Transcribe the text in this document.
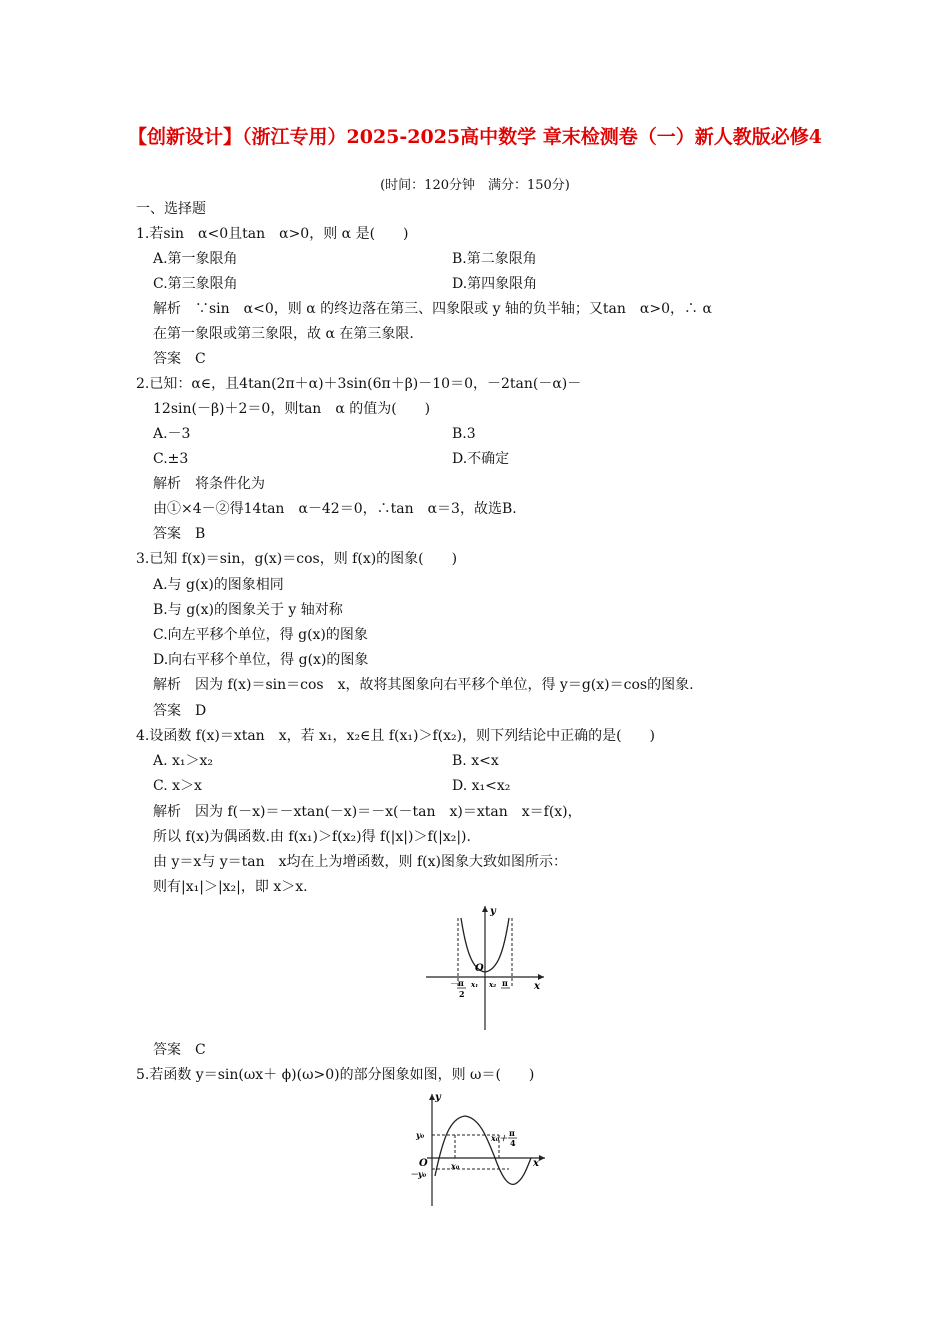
【创新设计】（浙江专用）2025-2025高中数学 章末检测卷（一）新人教版必修4
(时间：120分钟　满分：150分)
一、选择题
1.若sin　α<0且tan　α>0，则 α 是(　　)
A.第一象限角	B.第二象限角
C.第三象限角	D.第四象限角
解析　∵sin　α<0，则 α 的终边落在第三、四象限或 y 轴的负半轴；又tan　α>0，∴ α
在第一象限或第三象限，故 α 在第三象限.
答案　C
2.已知：α∈，且4tan(2π＋α)＋3sin(6π＋β)－10＝0，－2tan(－α)－
12sin(－β)＋2＝0，则tan　α 的值为(　　)
A.－3	B.3
C.±3	D.不确定
解析　将条件化为
由①×4－②得14tan　α－42＝0，∴tan　α＝3，故选B.
答案　B
3.已知 f(x)＝sin，g(x)＝cos，则 f(x)的图象(　　)
A.与 g(x)的图象相同
B.与 g(x)的图象关于 y 轴对称
C.向左平移个单位，得 g(x)的图象
D.向右平移个单位，得 g(x)的图象
解析　因为 f(x)＝sin＝cos　x，故将其图象向右平移个单位，得 y＝g(x)＝cos的图象.
答案　D
4.设函数 f(x)＝xtan　x，若 x₁，x₂∈且 f(x₁)＞f(x₂)，则下列结论中正确的是(　　)
A. x₁＞x₂	B. x<x
C. x＞x	D. x₁<x₂
解析　因为 f(－x)＝－xtan(－x)＝－x(－tan　x)＝xtan　x＝f(x)，
所以 f(x)为偶函数.由 f(x₁)＞f(x₂)得 f(|x|)＞f(|x₂|).
由 y＝x与 y＝tan　x均在上为增函数，则 f(x)图象大致如图所示：
则有|x₁|＞|x₂|，即 x＞x.
y
x
O
－ π
2
x₁ x₂ π
答案　C
5.若函数 y＝sin(ωx＋ ϕ)(ω>0)的部分图象如图，则 ω＝(　　)
y
x
O
y₀
－y₀
x₀
x₀＋ π
4
